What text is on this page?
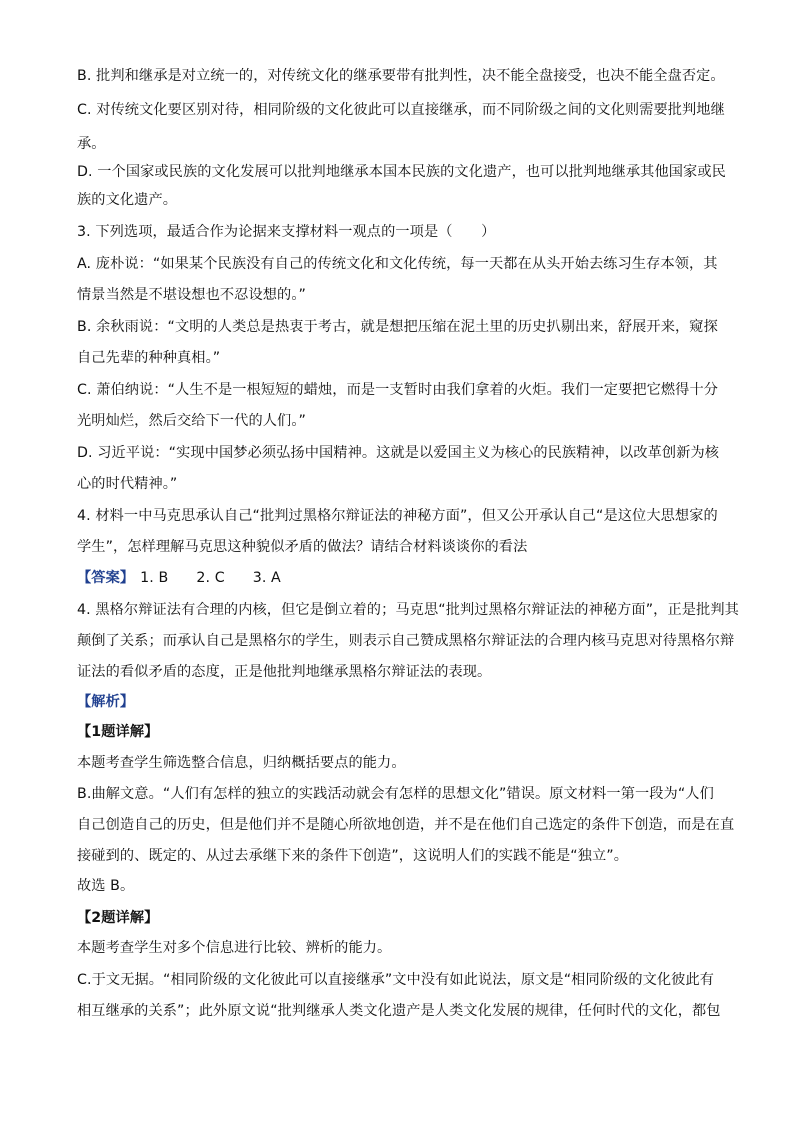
B. 批判和继承是对立统一的，对传统文化的继承要带有批判性，决不能全盘接受，也决不能全盘否定。
C. 对传统文化要区别对待，相同阶级的文化彼此可以直接继承，而不同阶级之间的文化则需要批判地继
承。
D. 一个国家或民族的文化发展可以批判地继承本国本民族的文化遗产，也可以批判地继承其他国家或民
族的文化遗产。
3. 下列选项，最适合作为论据来支撑材料一观点的一项是（　　）
A. 庞朴说：“如果某个民族没有自己的传统文化和文化传统，每一天都在从头开始去练习生存本领，其
情景当然是不堪设想也不忍设想的。”
B. 余秋雨说：“文明的人类总是热衷于考古，就是想把压缩在泥土里的历史扒剔出来，舒展开来，窥探
自己先辈的种种真相。”
C. 萧伯纳说：“人生不是一根短短的蜡烛，而是一支暂时由我们拿着的火炬。我们一定要把它燃得十分
光明灿烂，然后交给下一代的人们。”
D. 习近平说：“实现中国梦必须弘扬中国精神。这就是以爱国主义为核心的民族精神，以改革创新为核
心的时代精神。”
4. 材料一中马克思承认自己“批判过黑格尔辩证法的神秘方面”，但又公开承认自己“是这位大思想家的
学生”，怎样理解马克思这种貌似矛盾的做法？请结合材料谈谈你的看法
【答案】 1. B 2. C 3. A
4. 黑格尔辩证法有合理的内核，但它是倒立着的；马克思“批判过黑格尔辩证法的神秘方面”，正是批判其
颠倒了关系；而承认自己是黑格尔的学生，则表示自己赞成黑格尔辩证法的合理内核马克思对待黑格尔辩
证法的看似矛盾的态度，正是他批判地继承黑格尔辩证法的表现。
【解析】
【1题详解】
本题考查学生筛选整合信息，归纳概括要点的能力。
B.曲解文意。“人们有怎样的独立的实践活动就会有怎样的思想文化”错误。原文材料一第一段为“人们
自己创造自己的历史，但是他们并不是随心所欲地创造，并不是在他们自己选定的条件下创造，而是在直
接碰到的、既定的、从过去承继下来的条件下创造”，这说明人们的实践不能是“独立”。
故选 B。
【2题详解】
本题考查学生对多个信息进行比较、辨析的能力。
C.于文无据。“相同阶级的文化彼此可以直接继承”文中没有如此说法，原文是“相同阶级的文化彼此有
相互继承的关系”；此外原文说“批判继承人类文化遗产是人类文化发展的规律，任何时代的文化，都包
